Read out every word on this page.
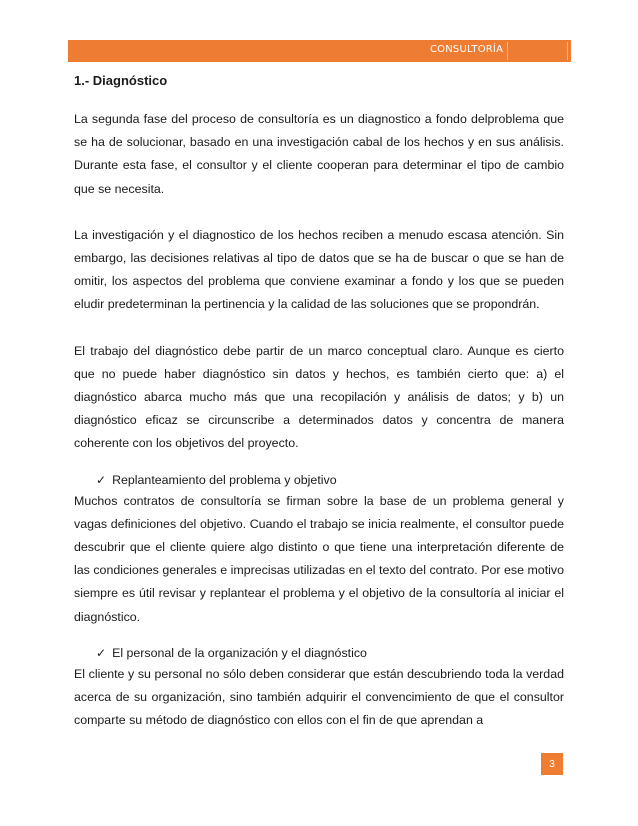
CONSULTORÍA
1.- Diagnóstico

La segunda fase del proceso de consultoría es un diagnostico a fondo delproblema que se ha de solucionar, basado en una investigación cabal de los hechos y en sus análisis. Durante esta fase, el consultor y el cliente cooperan para determinar el tipo de cambio que se necesita.

La investigación y el diagnostico de los hechos reciben a menudo escasa atención. Sin embargo, las decisiones relativas al tipo de datos que se ha de buscar o que se han de omitir, los aspectos del problema que conviene examinar a fondo y los que se pueden eludir predeterminan la pertinencia y la calidad de las soluciones que se propondrán.

El trabajo del diagnóstico debe partir de un marco conceptual claro. Aunque es cierto que no puede haber diagnóstico sin datos y hechos, es también cierto que: a) el diagnóstico abarca mucho más que una recopilación y análisis de datos; y b) un diagnóstico eficaz se circunscribe a determinados datos y concentra de manera coherente con los objetivos del proyecto.

✓ Replanteamiento del problema y objetivo

Muchos contratos de consultoría se firman sobre la base de un problema general y vagas definiciones del objetivo. Cuando el trabajo se inicia realmente, el consultor puede descubrir que el cliente quiere algo distinto o que tiene una interpretación diferente de las condiciones generales e imprecisas utilizadas en el texto del contrato. Por ese motivo siempre es útil revisar y replantear el problema y el objetivo de la consultoría al iniciar el diagnóstico.

✓ El personal de la organización y el diagnóstico

El cliente y su personal no sólo deben considerar que están descubriendo toda la verdad acerca de su organización, sino también adquirir el convencimiento de que el consultor comparte su método de diagnóstico con ellos con el fin de que aprendan a

3
